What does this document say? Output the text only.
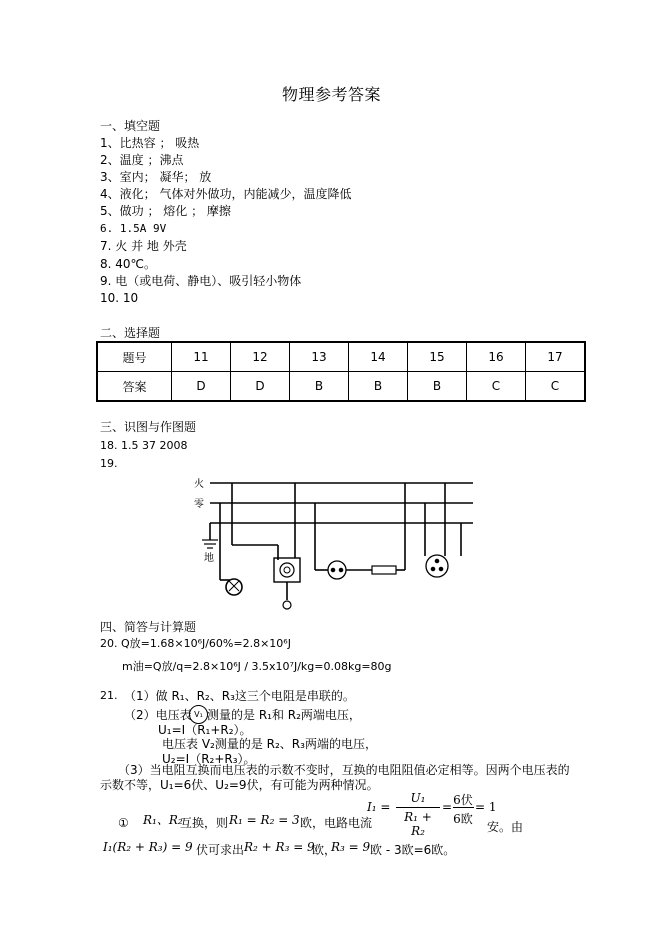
物理参考答案
一、填空题
1、比热容 ； 吸热
2、温度 ；沸点
3、室内； 凝华； 放
4、液化； 气体对外做功，内能减少，温度降低
5、做功 ； 熔化 ； 摩擦
6. 1.5A 9V
7. 火 并 地 外壳
8. 40℃。
9. 电（或电荷、静电）、吸引轻小物体
10. 10
二、选择题
题号	11	12	13	14	15	16	17
答案	D	D	B	B	B	C	C
三、识图与作图题
18. 1.5 37 2008
19.
火
零
地
四、简答与计算题
20. Q放=1.68×10⁶J/60%=2.8×10⁶J
m油=Q放/q=2.8×10⁶J / 3.5x10⁷J/kg=0.08kg=80g
21. （1）做 R₁、R₂、R₃这三个电阻是串联的。
（2）电压表 V₁ 测量的是 R₁和 R₂两端电压，
U₁=I（R₁+R₂）。
电压表 V₂测量的是 R₂、R₃两端的电压，
U₂=I（R₂+R₃）。
（3）当电阻互换而电压表的示数不变时，互换的电阻阻值必定相等。因两个电压表的
示数不等，U₁=6伏、U₂=9伏，有可能为两种情况。
① R₁、R₂
互换，则 R₁ = R₂ = 3 欧，电路电流
I₁ =
U₁
R₁ + R₂
= 6伏
6欧
= 1
安。由
I₁(R₂ + R₃) = 9 伏可求出 R₂ + R₃ = 9
欧，
R₃ = 9 欧 - 3欧=6欧。
